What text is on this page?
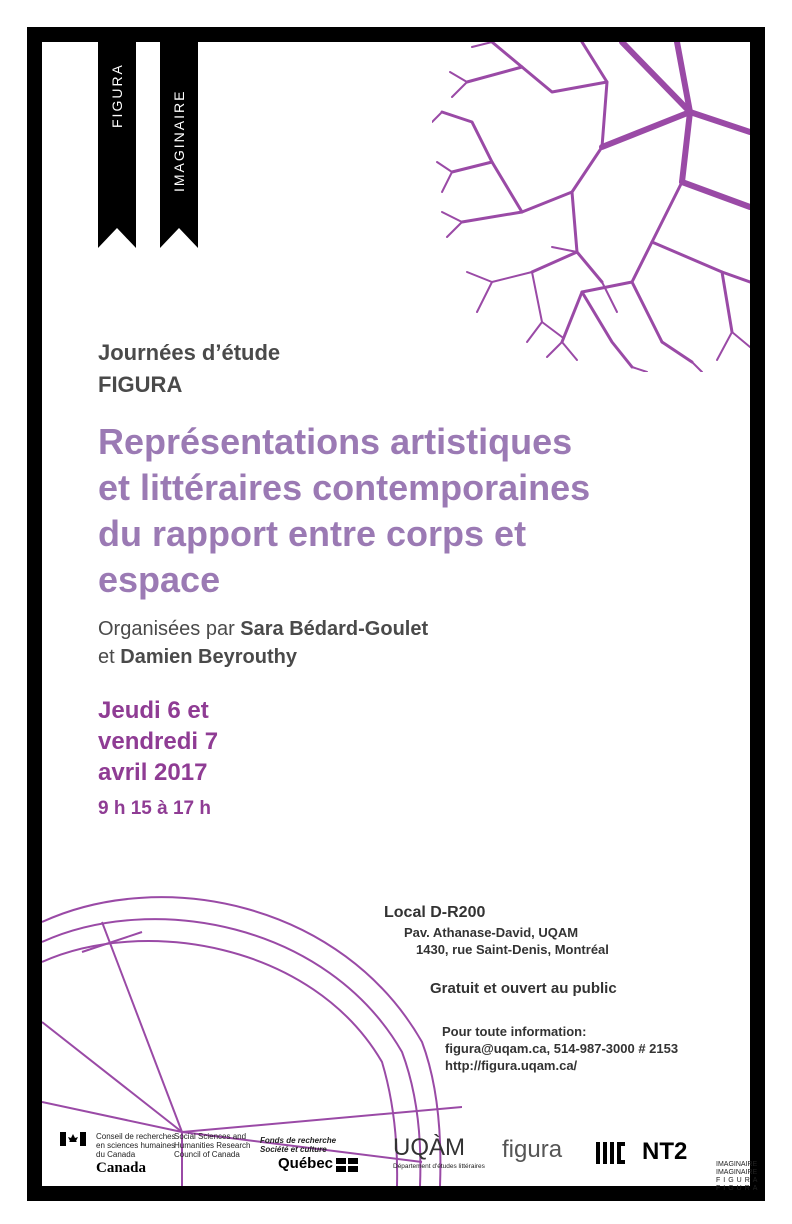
FIGURA	IMAGINAIRE
Journées d’étude
FIGURA
Représentations artistiques
et littéraires contemporaines
du rapport entre corps et
espace
Organisées par Sara Bédard-Goulet
et Damien Beyrouthy
Jeudi 6 et
vendredi 7
avril 2017
9 h 15 à 17 h
Local D-R200
Pav. Athanase-David, UQAM
1430, rue Saint-Denis, Montréal
Gratuit et ouvert au public
Pour toute information:
figura@uqam.ca, 514-987-3000 # 2153
http://figura.uqam.ca/
Conseil de recherches
en sciences humaines
du Canada
Canada
Social Sciences and
Humanities Research
Council of Canada
Fonds de recherche
Société et culture
Québec
UQÀM
Département d'études littéraires
figura	NT2	IMAGINAIRE
IMAGINAIRE
FIGURA
FIGURA
